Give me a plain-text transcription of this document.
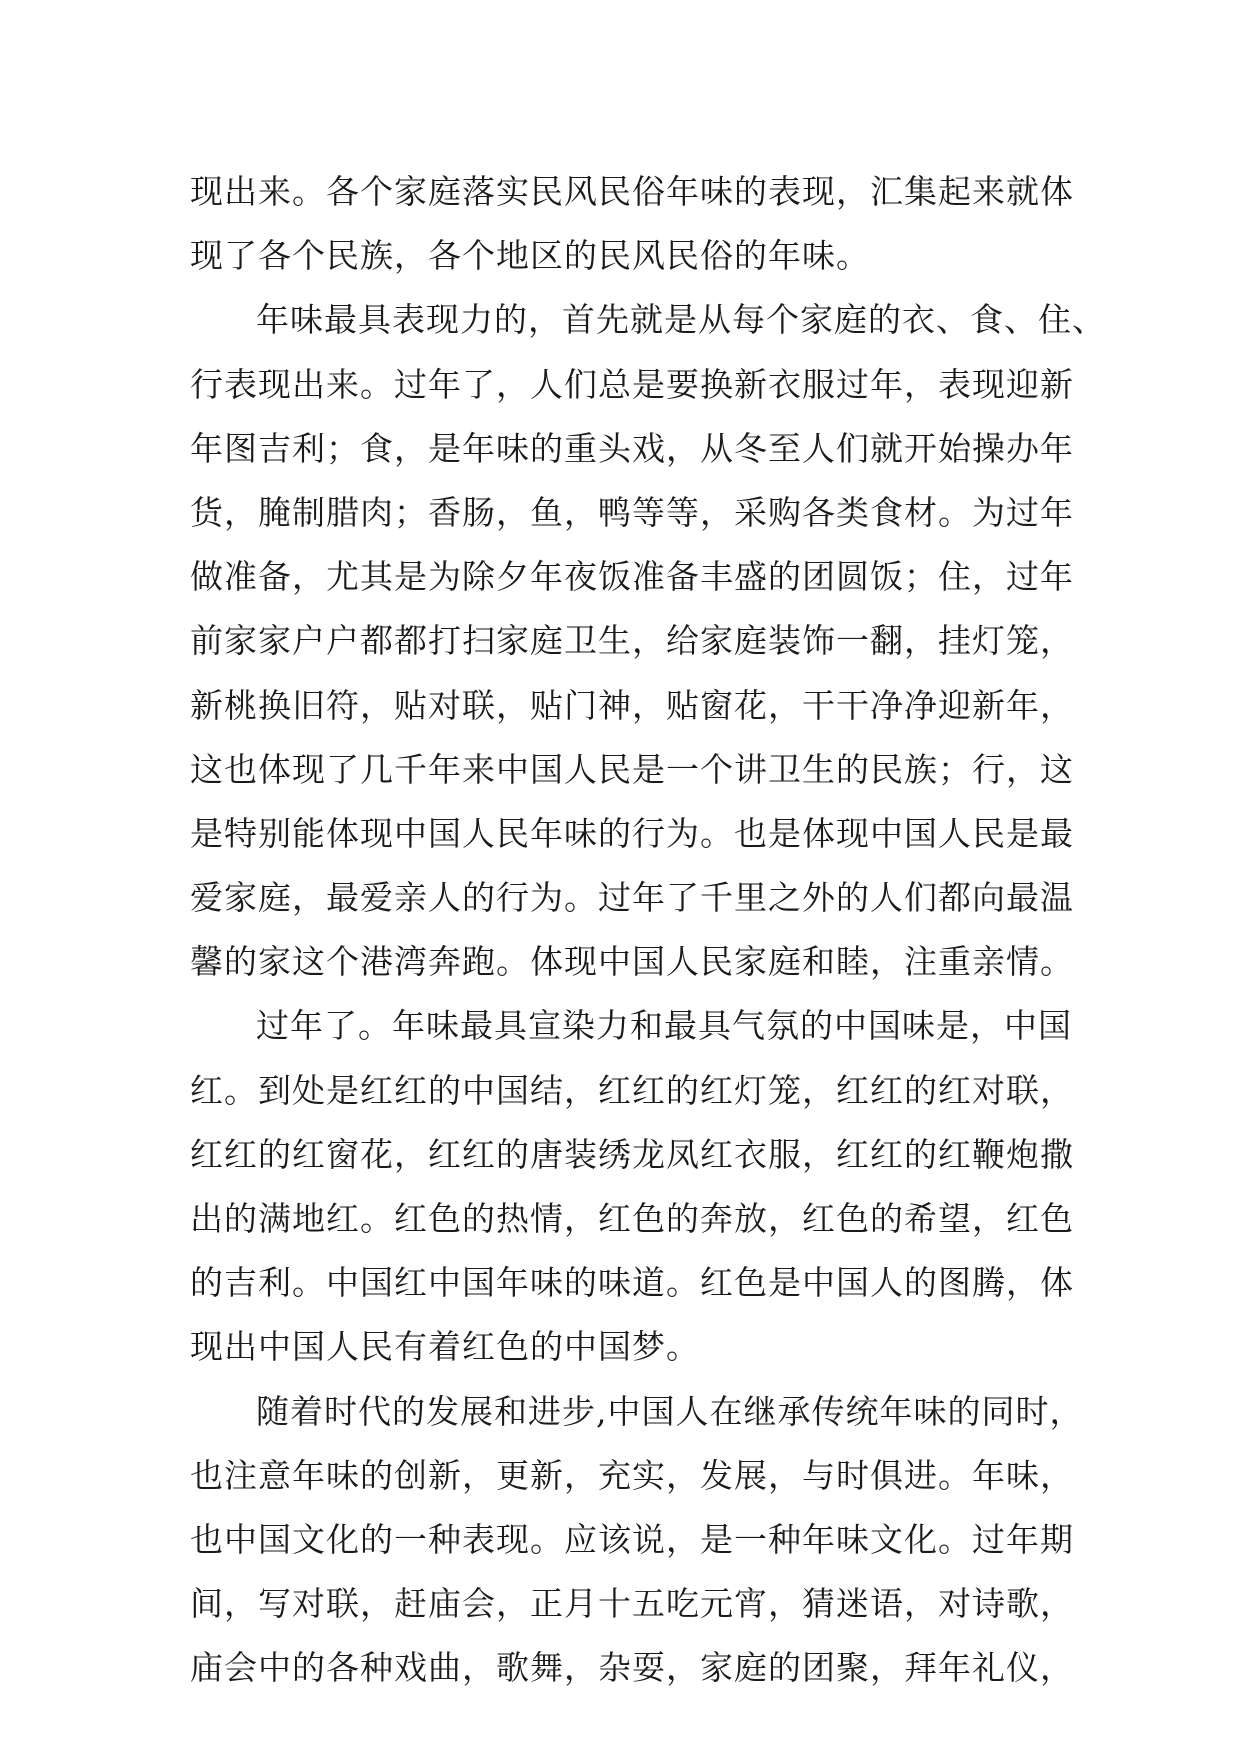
现出来。各个家庭落实民风民俗年味的表现，汇集起来就体
现了各个民族，各个地区的民风民俗的年味。
年味最具表现力的，首先就是从每个家庭的衣、食、住、
行表现出来。过年了，人们总是要换新衣服过年，表现迎新
年图吉利；食，是年味的重头戏，从冬至人们就开始操办年
货，腌制腊肉；香肠，鱼，鸭等等，采购各类食材。为过年
做准备，尤其是为除夕年夜饭准备丰盛的团圆饭；住，过年
前家家户户都都打扫家庭卫生，给家庭装饰一翻，挂灯笼，
新桃换旧符，贴对联，贴门神，贴窗花，干干净净迎新年，
这也体现了几千年来中国人民是一个讲卫生的民族；行，这
是特别能体现中国人民年味的行为。也是体现中国人民是最
爱家庭，最爱亲人的行为。过年了千里之外的人们都向最温
馨的家这个港湾奔跑。体现中国人民家庭和睦，注重亲情。
过年了。年味最具宣染力和最具气氛的中国味是，中国
红。到处是红红的中国结，红红的红灯笼，红红的红对联，
红红的红窗花，红红的唐装绣龙凤红衣服，红红的红鞭炮撒
出的满地红。红色的热情，红色的奔放，红色的希望，红色
的吉利。中国红中国年味的味道。红色是中国人的图腾，体
现出中国人民有着红色的中国梦。
随着时代的发展和进步,中国人在继承传统年味的同时，
也注意年味的创新，更新，充实，发展，与时俱进。年味，
也中国文化的一种表现。应该说，是一种年味文化。过年期
间，写对联，赶庙会，正月十五吃元宵，猜迷语，对诗歌，
庙会中的各种戏曲，歌舞，杂耍，家庭的团聚，拜年礼仪，
